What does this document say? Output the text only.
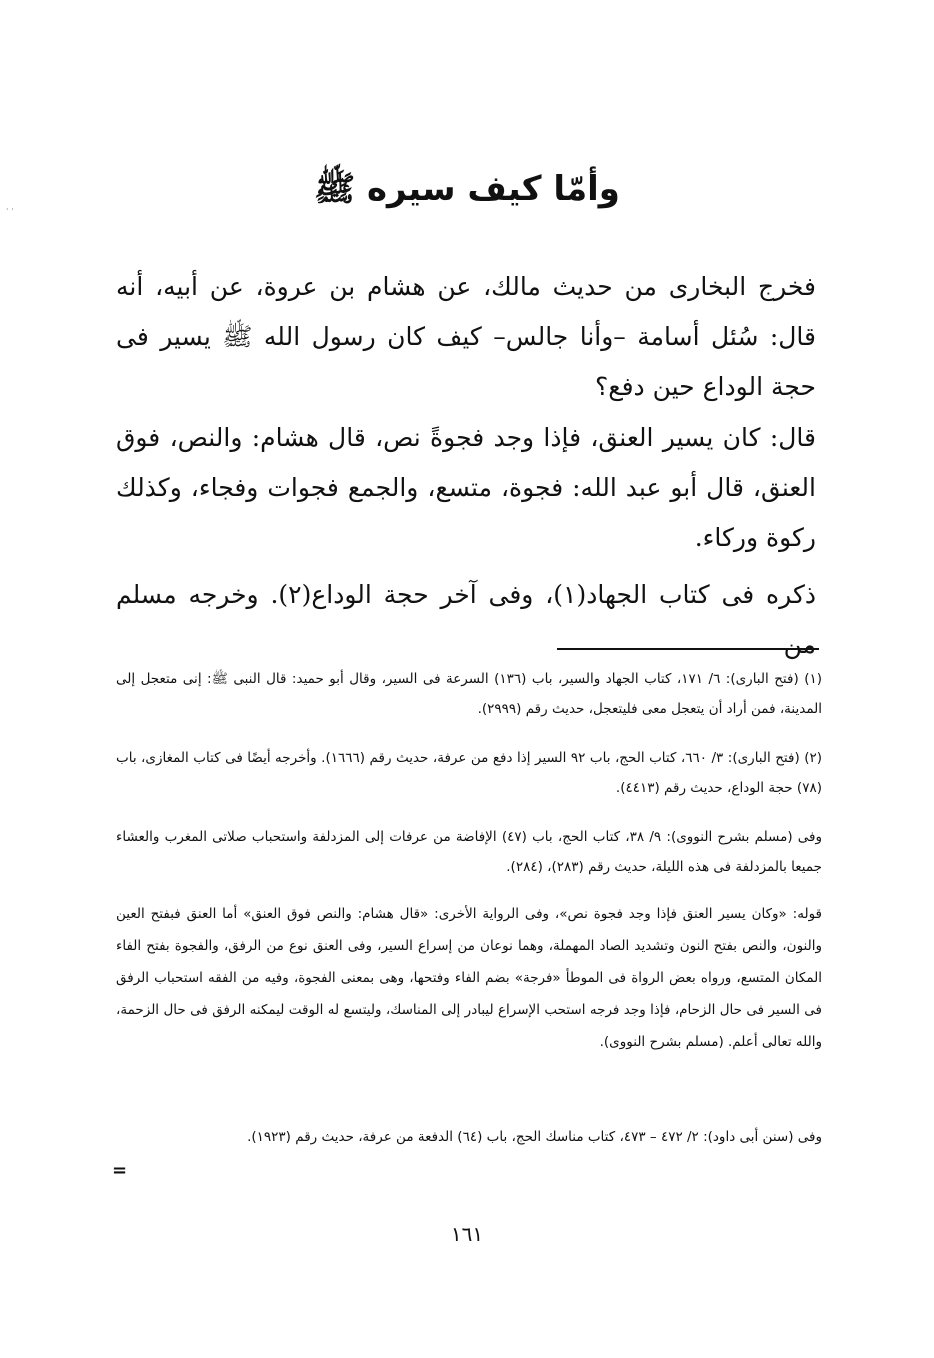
· ·
وأمّا كيف سيره ﷺ

فخرج البخارى من حديث مالك، عن هشام بن عروة، عن أبيه، أنه قال: سُئل أسامة –وأنا جالس– كيف كان رسول الله ﷺ يسير فى حجة الوداع حين دفع؟

قال: كان يسير العنق، فإذا وجد فجوةً نص، قال هشام: والنص، فوق العنق، قال أبو عبد الله: فجوة، متسع، والجمع فجوات وفجاء، وكذلك ركوة وركاء.

ذكره فى كتاب الجهاد(١)، وفى آخر حجة الوداع(٢). وخرجه مسلم من

(١) (فتح البارى): ٦/ ١٧١، كتاب الجهاد والسير، باب (١٣٦) السرعة فى السير، وقال أبو حميد: قال النبى ﷺ: إنى متعجل إلى المدينة، فمن أراد أن يتعجل معى فليتعجل، حديث رقم (٢٩٩٩).

(٢) (فتح البارى): ٣/ ٦٦٠، كتاب الحج، باب ٩٢ السير إذا دفع من عرفة، حديث رقم (١٦٦٦). وأخرجه أيضًا فى كتاب المغازى، باب (٧٨) حجة الوداع، حديث رقم (٤٤١٣).

وفى (مسلم بشرح النووى): ٩/ ٣٨، كتاب الحج، باب (٤٧) الإفاضة من عرفات إلى المزدلفة واستحباب صلاتى المغرب والعشاء جميعا بالمزدلفة فى هذه الليلة، حديث رقم (٢٨٣)، (٢٨٤).

قوله: «وكان يسير العنق فإذا وجد فجوة نص»، وفى الرواية الأخرى: «قال هشام: والنص فوق العنق» أما العنق فبفتح العين والنون، والنص بفتح النون وتشديد الصاد المهملة، وهما نوعان من إسراع السير، وفى العنق نوع من الرفق، والفجوة بفتح الفاء المكان المتسع، ورواه بعض الرواة فى الموطأ «فرجة» بضم الفاء وفتحها، وهى بمعنى الفجوة، وفيه من الفقه استحباب الرفق فى السير فى حال الزحام، فإذا وجد فرجه استحب الإسراع ليبادر إلى المناسك، وليتسع له الوقت ليمكنه الرفق فى حال الزحمة، والله تعالى أعلم. (مسلم بشرح النووى).

وفى (سنن أبى داود): ٢/ ٤٧٢ – ٤٧٣، كتاب مناسك الحج، باب (٦٤) الدفعة من عرفة، حديث رقم (١٩٢٣).

=
١٦١
